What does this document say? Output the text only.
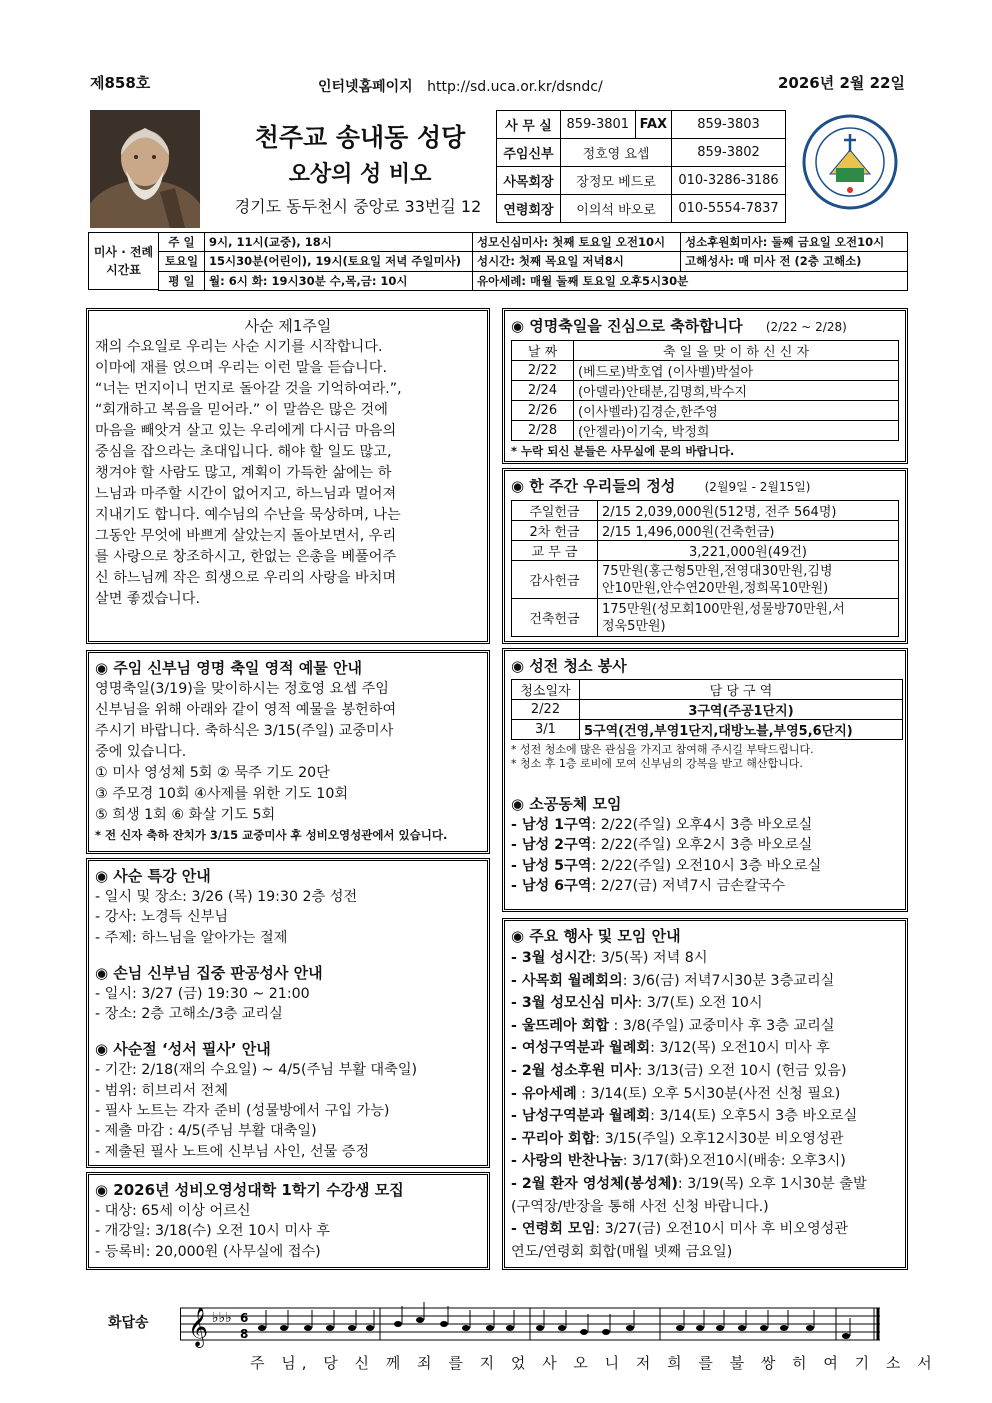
제858호	인터넷홈페이지 http://sd.uca.or.kr/dsndc/	2026년 2월 22일
천주교 송내동 성당
오상의 성 비오
경기도 동두천시 중앙로 33번길 12
사 무 실	859-3801	FAX	859-3803
주임신부	정호영 요셉		859-3802
사목회장	장정모 베드로		010-3286-3186
연령회장	이의석 바오로		010-5554-7837
미사 · 전례
시간표
주 일	9시, 11시(교중), 18시	성모신심미사: 첫째 토요일 오전10시	성소후원회미사: 둘째 금요일 오전10시
토요일	15시30분(어린이), 19시(토요일 저녁 주일미사)	성시간: 첫째 목요일 저녁8시	고해성사: 매 미사 전 (2층 고해소)
평 일	월: 6시 화: 19시30분 수,목,금: 10시	유아세례: 매월 둘째 토요일 오후5시30분	
사순 제1주일
재의 수요일로 우리는 사순 시기를 시작합니다.
이마에 재를 얹으며 우리는 이런 말을 듣습니다.
“너는 먼지이니 먼지로 돌아갈 것을 기억하여라.”,
“회개하고 복음을 믿어라.” 이 말씀은 많은 것에
마음을 빼앗겨 살고 있는 우리에게 다시금 마음의
중심을 잡으라는 초대입니다. 해야 할 일도 많고,
챙겨야 할 사람도 많고, 계획이 가득한 삶에는 하
느님과 마주할 시간이 없어지고, 하느님과 멀어져
지내기도 합니다. 예수님의 수난을 묵상하며, 나는
그동안 무엇에 바쁘게 살았는지 돌아보면서, 우리
를 사랑으로 창조하시고, 한없는 은총을 베풀어주
신 하느님께 작은 희생으로 우리의 사랑을 바치며
살면 좋겠습니다.
◉ 주임 신부님 영명 축일 영적 예물 안내
영명축일(3/19)을 맞이하시는 정호영 요셉 주임
신부님을 위해 아래와 같이 영적 예물을 봉헌하여
주시기 바랍니다. 축하식은 3/15(주일) 교중미사
중에 있습니다.
① 미사 영성체 5회 ② 묵주 기도 20단
③ 주모경 10회 ④사제를 위한 기도 10회
⑤ 희생 1회 ⑥ 화살 기도 5회
* 전 신자 축하 잔치가 3/15 교중미사 후 성비오영성관에서 있습니다.
◉ 사순 특강 안내
- 일시 및 장소: 3/26 (목) 19:30 2층 성전
- 강사: 노경득 신부님
- 주제: 하느님을 알아가는 절제
◉ 손님 신부님 집중 판공성사 안내
- 일시: 3/27 (금) 19:30 ~ 21:00
- 장소: 2층 고해소/3층 교리실
◉ 사순절 ‘성서 필사’ 안내
- 기간: 2/18(재의 수요일) ~ 4/5(주님 부활 대축일)
- 범위: 히브리서 전체
- 필사 노트는 각자 준비 (성물방에서 구입 가능)
- 제출 마감 : 4/5(주님 부활 대축일)
- 제출된 필사 노트에 신부님 사인, 선물 증정
◉ 2026년 성비오영성대학 1학기 수강생 모집
- 대상: 65세 이상 어르신
- 개강일: 3/18(수) 오전 10시 미사 후
- 등록비: 20,000원 (사무실에 접수)
◉ 영명축일을 진심으로 축하합니다 (2/22 ~ 2/28)
날 짜	축 일 을 맞 이 하 신 신 자
2/22	(베드로)박호엽 (이사벨)박설아
2/24	(아델라)안태분,김명희,박수지
2/26	(이사벨라)김경순,한주영
2/28	(안젤라)이기숙, 박정희
* 누락 되신 분들은 사무실에 문의 바랍니다.
◉ 한 주간 우리들의 정성 (2월9일 - 2월15일)
주일헌금	2/15 2,039,000원(512명, 전주 564명)
2차 헌금	2/15 1,496,000원(건축헌금)
교 무 금	3,221,000원(49건)
감사헌금	75만원(홍근형5만원,전영대30만원,김병
안10만원,안수연20만원,정희목10만원)

건축헌금	175만원(성모회100만원,성물방70만원,서
정욱5만원)
◉ 성전 청소 봉사
청소일자	담 당 구 역
2/22	3구역(주공1단지)
3/1	5구역(건영,부영1단지,대방노블,부영5,6단지)
* 성전 청소에 많은 관심을 가지고 참여해 주시길 부탁드립니다.
* 청소 후 1층 로비에 모여 신부님의 강복을 받고 해산합니다.
◉ 소공동체 모임
- 남성 1구역: 2/22(주일) 오후4시 3층 바오로실
- 남성 2구역: 2/22(주일) 오후2시 3층 바오로실
- 남성 5구역: 2/22(주일) 오전10시 3층 바오로실
- 남성 6구역: 2/27(금) 저녁7시 금손칼국수
◉ 주요 행사 및 모임 안내
- 3월 성시간: 3/5(목) 저녁 8시
- 사목회 월례회의: 3/6(금) 저녁7시30분 3층교리실
- 3월 성모신심 미사: 3/7(토) 오전 10시
- 울뜨레아 회합 : 3/8(주일) 교중미사 후 3층 교리실
- 여성구역분과 월례회: 3/12(목) 오전10시 미사 후
- 2월 성소후원 미사: 3/13(금) 오전 10시 (헌금 있음)
- 유아세례 : 3/14(토) 오후 5시30분(사전 신청 필요)
- 남성구역분과 월례회: 3/14(토) 오후5시 3층 바오로실
- 꾸리아 회합: 3/15(주일) 오후12시30분 비오영성관
- 사랑의 반찬나눔: 3/17(화)오전10시(배송: 오후3시)
- 2월 환자 영성체(봉성체): 3/19(목) 오후 1시30분 출발
(구역장/반장을 통해 사전 신청 바랍니다.)
- 연령회 모임: 3/27(금) 오전10시 미사 후 비오영성관
연도/연령회 회합(매월 넷째 금요일)
화답송 𝄞 ♭♭♭ 6
8
주 님, 당 신 께 죄 를 지 었 사 오 니 저 희 를 불 쌍 히 여 기 소 서
